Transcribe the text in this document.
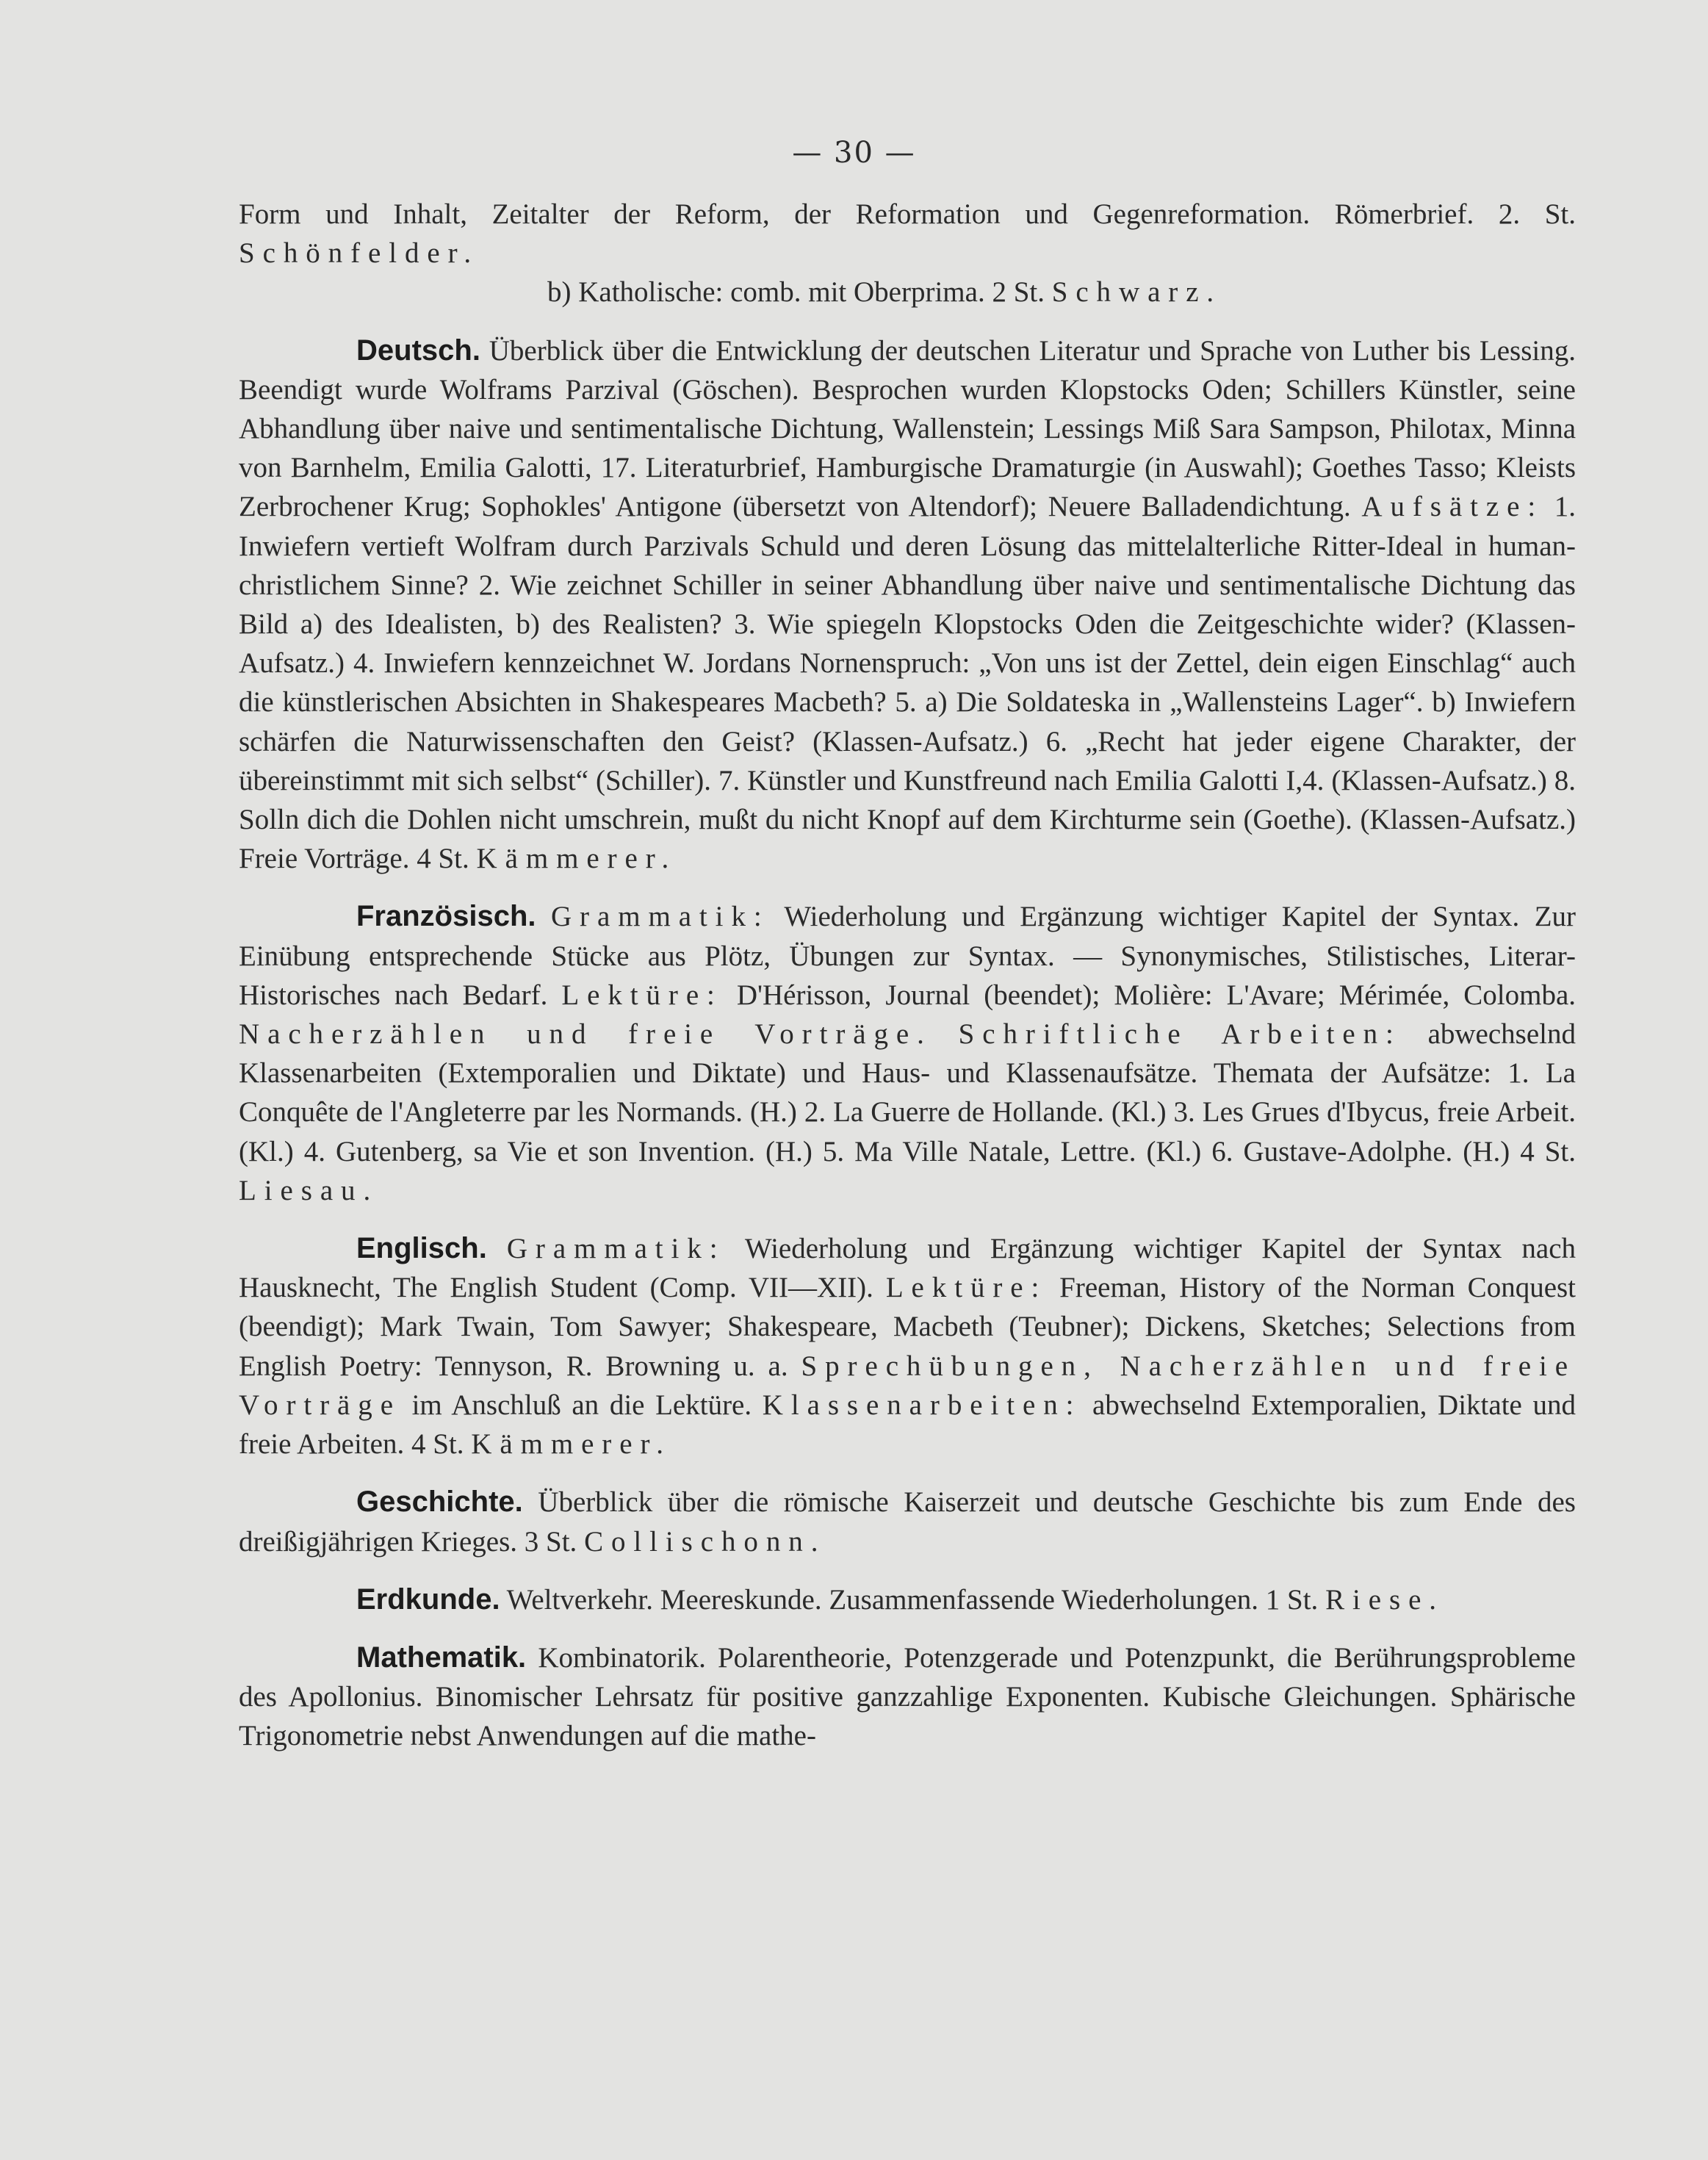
— 30 —

Form und Inhalt, Zeitalter der Reform, der Reformation und Gegenreformation. Römerbrief. 2. St. Schönfelder.

b) Katholische: comb. mit Oberprima. 2 St. Schwarz.

Deutsch. Überblick über die Entwicklung der deutschen Literatur und Sprache von Luther bis Lessing. Beendigt wurde Wolframs Parzival (Göschen). Besprochen wurden Klopstocks Oden; Schillers Künstler, seine Abhandlung über naive und sentimentalische Dichtung, Wallenstein; Lessings Miß Sara Sampson, Philotax, Minna von Barnhelm, Emilia Galotti, 17. Literaturbrief, Hamburgische Dramaturgie (in Auswahl); Goethes Tasso; Kleists Zerbrochener Krug; Sophokles' Antigone (übersetzt von Altendorf); Neuere Balladendichtung. Aufsätze: 1. Inwiefern vertieft Wolfram durch Parzivals Schuld und deren Lösung das mittelalterliche Ritter-Ideal in human-christlichem Sinne? 2. Wie zeichnet Schiller in seiner Abhandlung über naive und sentimentalische Dichtung das Bild a) des Idealisten, b) des Realisten? 3. Wie spiegeln Klopstocks Oden die Zeitgeschichte wider? (Klassen-Aufsatz.) 4. Inwiefern kennzeichnet W. Jordans Nornenspruch: „Von uns ist der Zettel, dein eigen Einschlag“ auch die künstlerischen Absichten in Shakespeares Macbeth? 5. a) Die Soldateska in „Wallensteins Lager“. b) Inwiefern schärfen die Naturwissenschaften den Geist? (Klassen-Aufsatz.) 6. „Recht hat jeder eigene Charakter, der übereinstimmt mit sich selbst“ (Schiller). 7. Künstler und Kunstfreund nach Emilia Galotti I,4. (Klassen-Aufsatz.) 8. Solln dich die Dohlen nicht umschrein, mußt du nicht Knopf auf dem Kirchturme sein (Goethe). (Klassen-Aufsatz.) Freie Vorträge. 4 St. Kämmerer.

Französisch. Grammatik: Wiederholung und Ergänzung wichtiger Kapitel der Syntax. Zur Einübung entsprechende Stücke aus Plötz, Übungen zur Syntax. — Synonymisches, Stilistisches, Literar-Historisches nach Bedarf. Lektüre: D'Hérisson, Journal (beendet); Molière: L'Avare; Mérimée, Colomba. Nacherzählen und freie Vorträge. Schriftliche Arbeiten: abwechselnd Klassenarbeiten (Extemporalien und Diktate) und Haus- und Klassenaufsätze. Themata der Aufsätze: 1. La Conquête de l'Angleterre par les Normands. (H.) 2. La Guerre de Hollande. (Kl.) 3. Les Grues d'Ibycus, freie Arbeit. (Kl.) 4. Gutenberg, sa Vie et son Invention. (H.) 5. Ma Ville Natale, Lettre. (Kl.) 6. Gustave-Adolphe. (H.) 4 St. Liesau.

Englisch. Grammatik: Wiederholung und Ergänzung wichtiger Kapitel der Syntax nach Hausknecht, The English Student (Comp. VII—XII). Lektüre: Freeman, History of the Norman Conquest (beendigt); Mark Twain, Tom Sawyer; Shakespeare, Macbeth (Teubner); Dickens, Sketches; Selections from English Poetry: Tennyson, R. Browning u. a. Sprechübungen, Nacherzählen und freie Vorträge im Anschluß an die Lektüre. Klassenarbeiten: abwechselnd Extemporalien, Diktate und freie Arbeiten. 4 St. Kämmerer.

Geschichte. Überblick über die römische Kaiserzeit und deutsche Geschichte bis zum Ende des dreißigjährigen Krieges. 3 St. Collischonn.

Erdkunde. Weltverkehr. Meereskunde. Zusammenfassende Wiederholungen. 1 St. Riese.

Mathematik. Kombinatorik. Polarentheorie, Potenzgerade und Potenzpunkt, die Berührungsprobleme des Apollonius. Binomischer Lehrsatz für positive ganzzahlige Exponenten. Kubische Gleichungen. Sphärische Trigonometrie nebst Anwendungen auf die mathe-
